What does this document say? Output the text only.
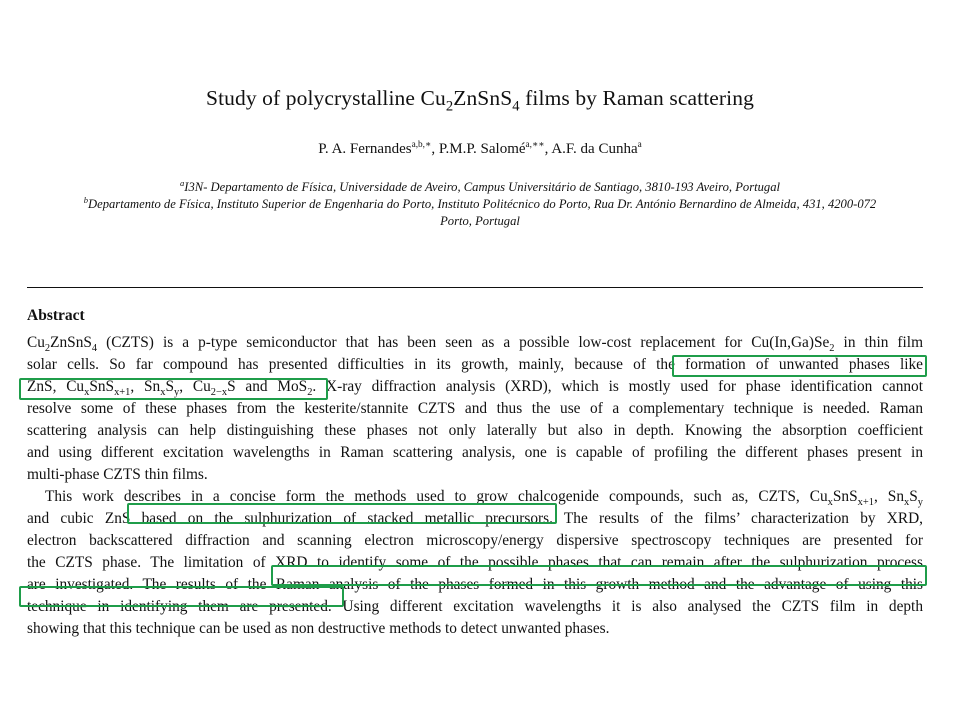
Study of polycrystalline $Cu_2ZnSnS_4$ films by Raman scattering
P. A. Fernandes$^{a,b,∗}$, P.M.P. Salomé$^{a,∗∗}$, A.F. da Cunha$^a$
$^a$I3N- Departamento de Física, Universidade de Aveiro, Campus Universitário de Santiago, 3810-193 Aveiro, Portugal
$^b$Departamento de Física, Instituto Superior de Engenharia do Porto, Instituto Politécnico do Porto, Rua Dr. António Bernardino de Almeida, 431, 4200-072
Porto, Portugal
Abstract
$Cu_2ZnSnS_4$ (CZTS) is a p-type semiconductor that has been seen as a possible low-cost replacement for $Cu(In,Ga)Se_2$ in thin film
solar cells. So far compound has presented difficulties in its growth, mainly, because of the formation of unwanted phases like
ZnS, $Cu_xSnS_{x+1}$, $Sn_xS_y$, $Cu_{2-x}S$ and MoS$_2$. X-ray diffraction analysis (XRD), which is mostly used for phase identification cannot
resolve some of these phases from the kesterite/stannite CZTS and thus the use of a complementary technique is needed. Raman
scattering analysis can help distinguishing these phases not only laterally but also in depth. Knowing the absorption coefficient
and using different excitation wavelengths in Raman scattering analysis, one is capable of profiling the different phases present in
multi-phase CZTS thin films.
This work describes in a concise form the methods used to grow chalcogenide compounds, such as, CZTS, $Cu_xSnS_{x+1}$, $Sn_xS_y$
and cubic ZnS based on the sulphurization of stacked metallic precursors. The results of the films’ characterization by XRD,
electron backscattered diffraction and scanning electron microscopy/energy dispersive spectroscopy techniques are presented for
the CZTS phase. The limitation of XRD to identify some of the possible phases that can remain after the sulphurization process
are investigated. The results of the Raman analysis of the phases formed in this growth method and the advantage of using this
technique in identifying them are presented. Using different excitation wavelengths it is also analysed the CZTS film in depth
showing that this technique can be used as non destructive methods to detect unwanted phases.
